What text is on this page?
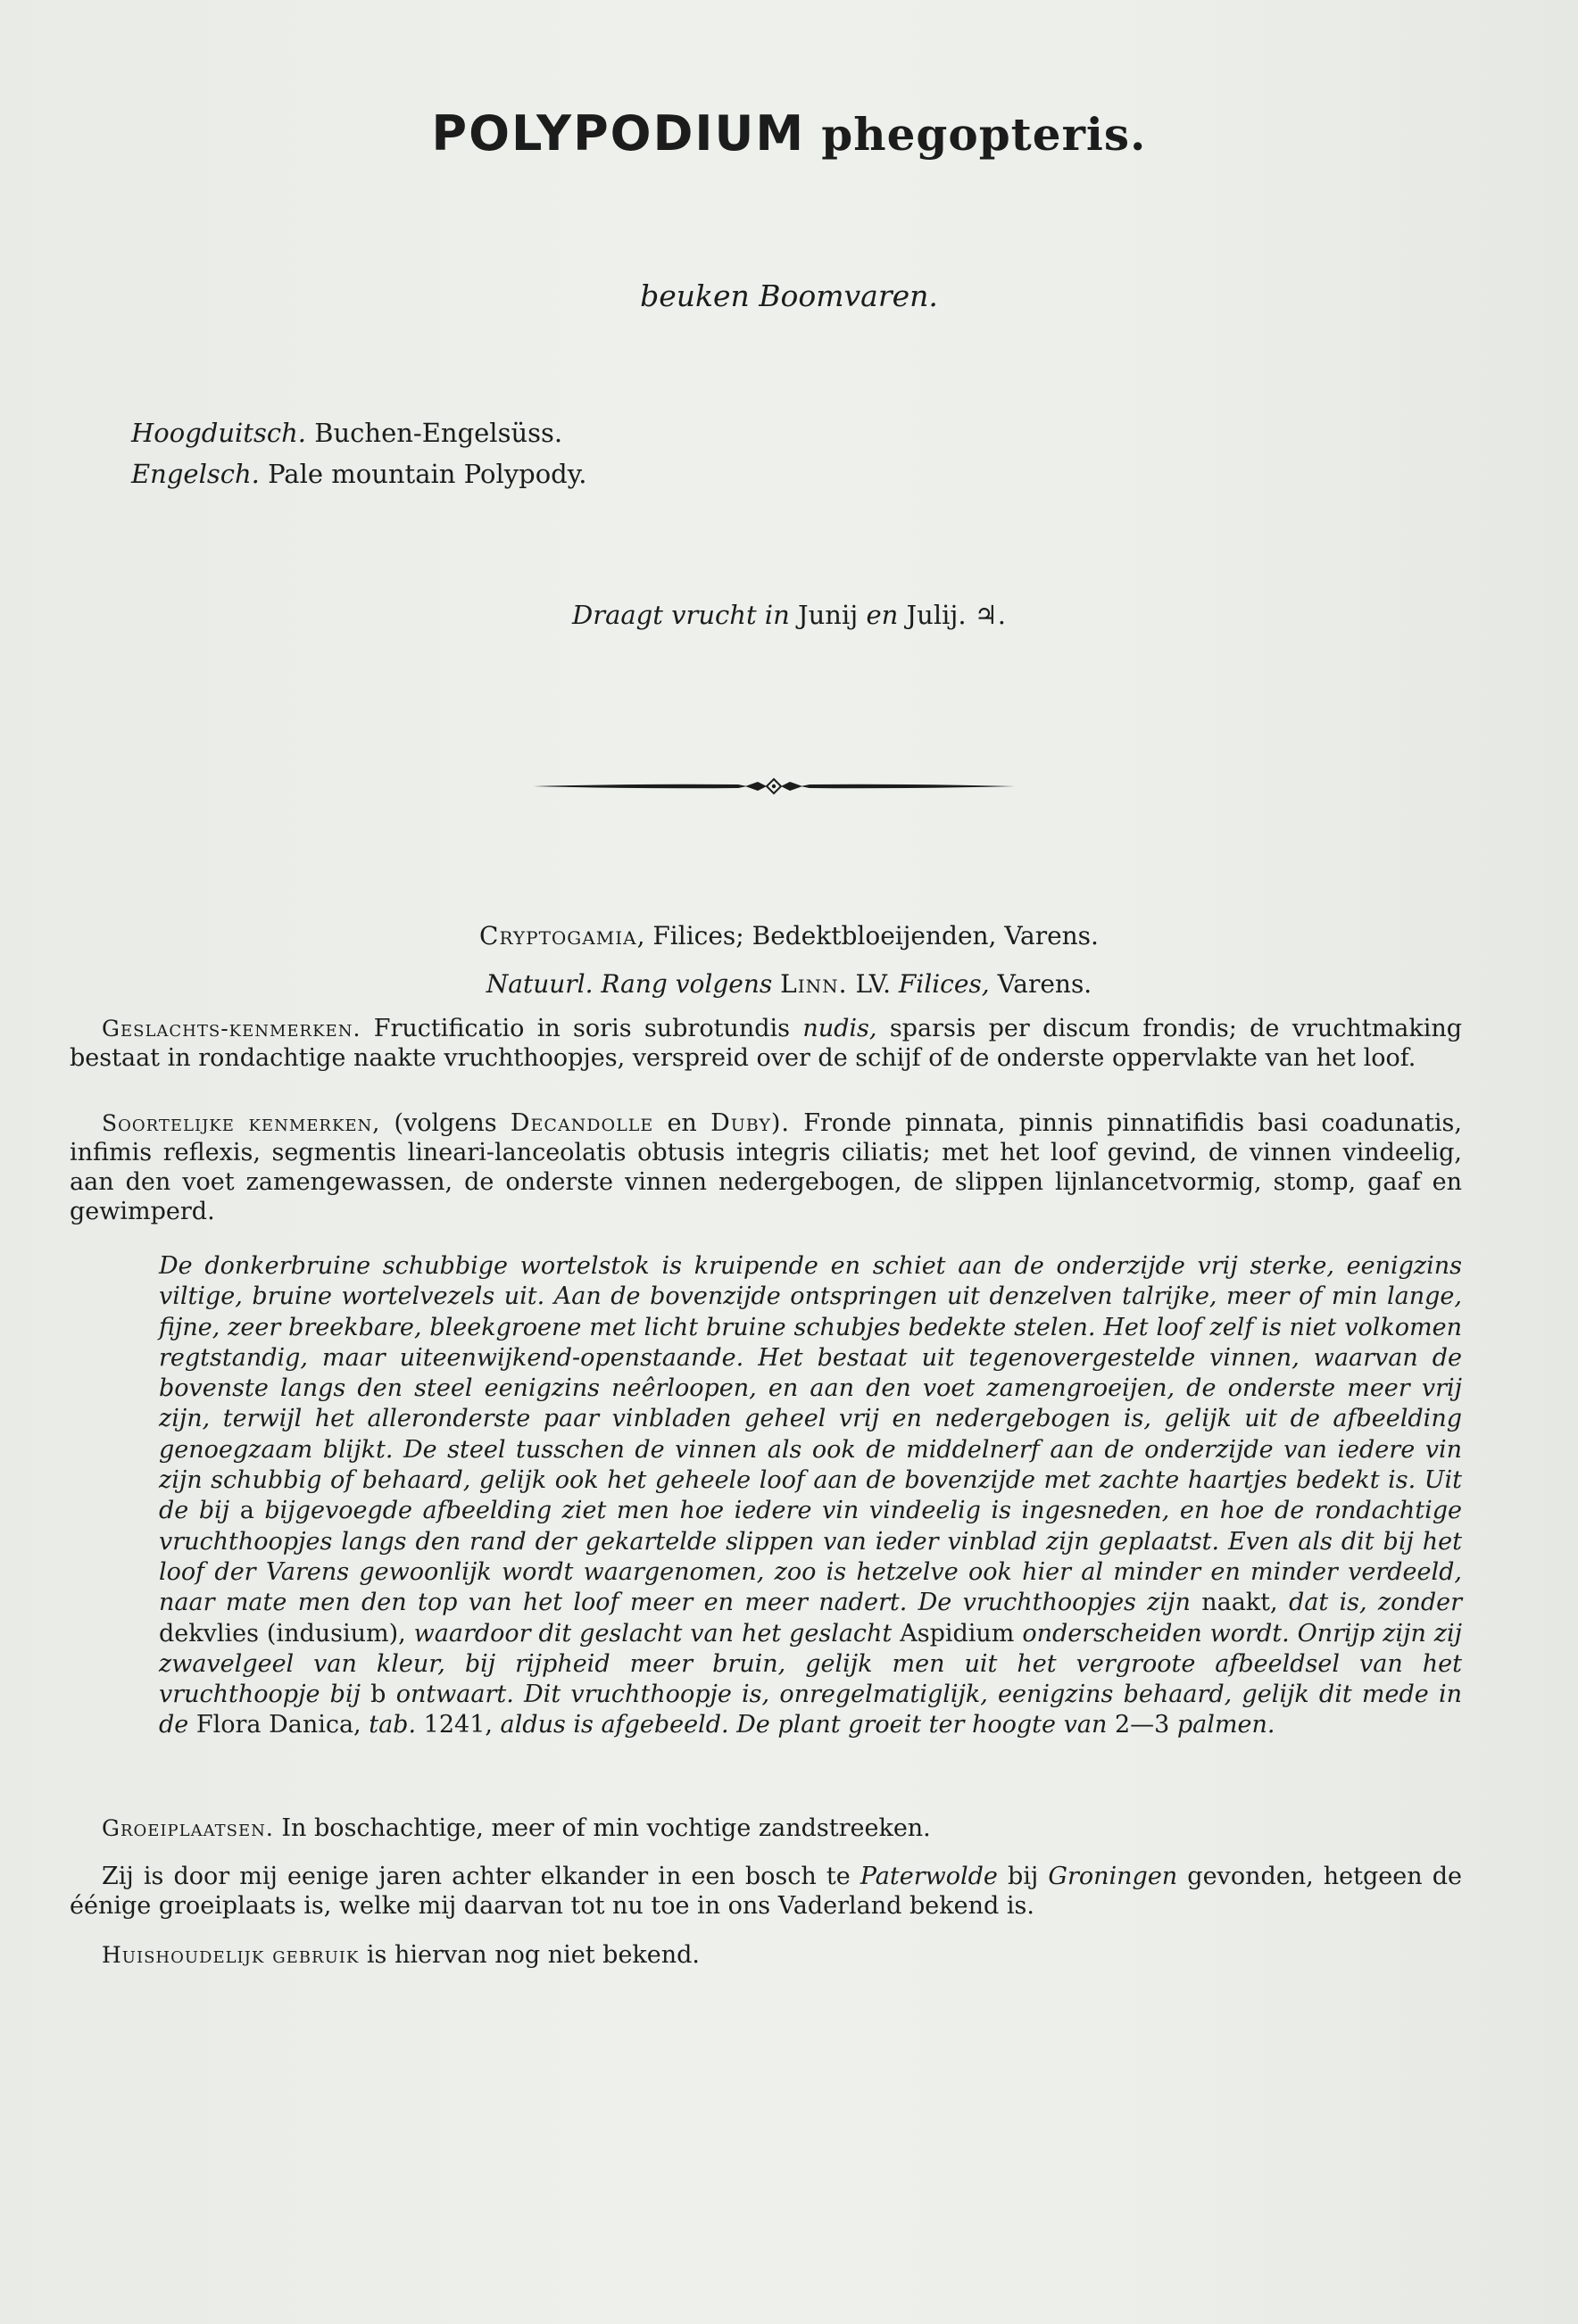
POLYPODIUM phegopteris.
beuken Boomvaren.
Hoogduitsch. Buchen-Engelsüss.
Engelsch. Pale mountain Polypody.
Draagt vrucht in Junij en Julij. ♃.
Cryptogamia, Filices; Bedektbloeijenden, Varens.
Natuurl. Rang volgens Linn. LV. Filices, Varens.
Geslachts-kenmerken. Fructificatio in soris subrotundis nudis, sparsis per discum frondis; de vruchtmaking bestaat in rondachtige naakte vruchthoopjes, verspreid over de schijf of de onderste oppervlakte van het loof.
Soortelijke kenmerken, (volgens Decandolle en Duby). Fronde pinnata, pinnis pinnatifidis basi coadunatis, infimis reflexis, segmentis lineari-lanceolatis obtusis integris ciliatis; met het loof gevind, de vinnen vindeelig, aan den voet zamengewassen, de onderste vinnen nedergebogen, de slippen lijnlancetvormig, stomp, gaaf en gewimperd.
De donkerbruine schubbige wortelstok is kruipende en schiet aan de onderzijde vrij sterke, eenigzins viltige, bruine wortelvezels uit. Aan de bovenzijde ontspringen uit denzelven talrijke, meer of min lange, fijne, zeer breekbare, bleekgroene met licht bruine schubjes bedekte stelen. Het loof zelf is niet volkomen regtstandig, maar uiteenwijkend-openstaande. Het bestaat uit tegenovergestelde vinnen, waarvan de bovenste langs den steel eenigzins neêrloopen, en aan den voet zamengroeijen, de onderste meer vrij zijn, terwijl het alleronderste paar vinbladen geheel vrij en nedergebogen is, gelijk uit de afbeelding genoegzaam blijkt. De steel tusschen de vinnen als ook de middelnerf aan de onderzijde van iedere vin zijn schubbig of behaard, gelijk ook het geheele loof aan de bovenzijde met zachte haartjes bedekt is. Uit de bij a bijgevoegde afbeelding ziet men hoe iedere vin vindeelig is ingesneden, en hoe de rondachtige vruchthoopjes langs den rand der gekartelde slippen van ieder vinblad zijn geplaatst. Even als dit bij het loof der Varens gewoonlijk wordt waargenomen, zoo is hetzelve ook hier al minder en minder verdeeld, naar mate men den top van het loof meer en meer nadert. De vruchthoopjes zijn naakt, dat is, zonder dekvlies (indusium), waardoor dit geslacht van het geslacht Aspidium onderscheiden wordt. Onrijp zijn zij zwavelgeel van kleur, bij rijpheid meer bruin, gelijk men uit het vergroote afbeeldsel van het vruchthoopje bij b ontwaart. Dit vruchthoopje is, onregelmatiglijk, eenigzins behaard, gelijk dit mede in de Flora Danica, tab. 1241, aldus is afgebeeld. De plant groeit ter hoogte van 2—3 palmen.
Groeiplaatsen. In boschachtige, meer of min vochtige zandstreeken.
Zij is door mij eenige jaren achter elkander in een bosch te Paterwolde bij Groningen gevonden, hetgeen de éénige groeiplaats is, welke mij daarvan tot nu toe in ons Vaderland bekend is.
Huishoudelijk gebruik is hiervan nog niet bekend.
